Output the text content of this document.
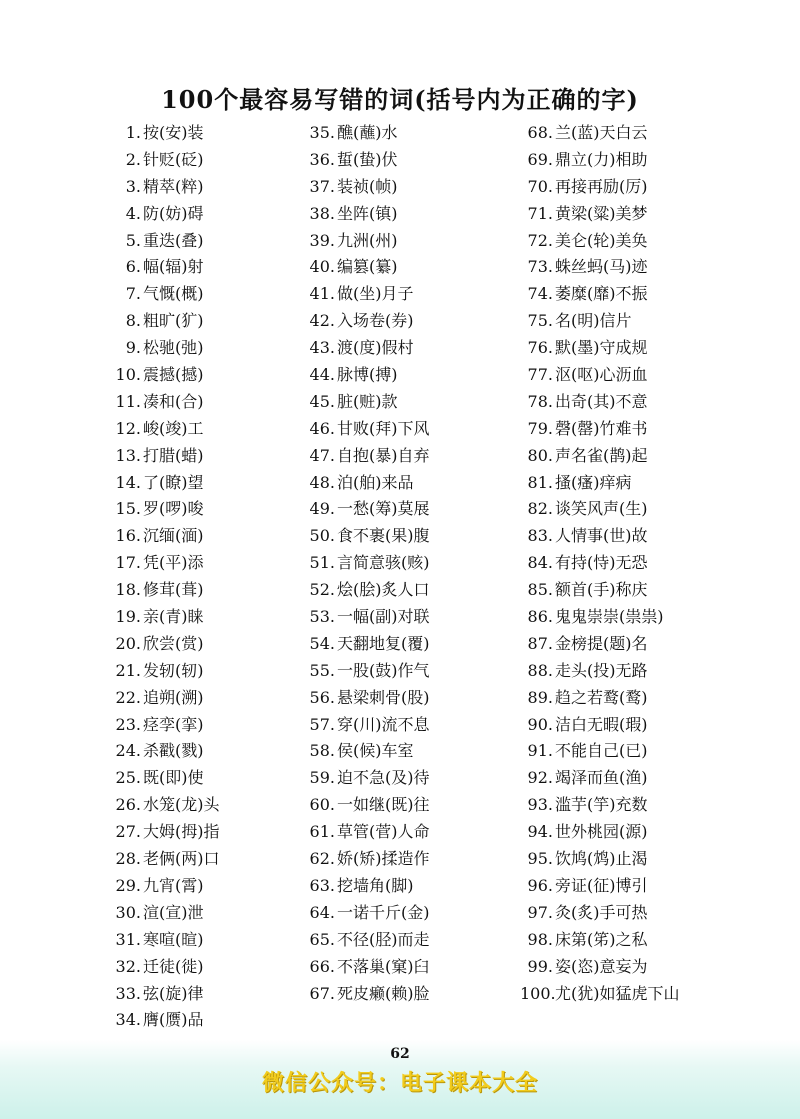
100个最容易写错的词(括号内为正确的字)
1. 按(安)装
2. 针贬(砭)
3. 精萃(粹)
4. 防(妨)碍
5. 重迭(叠)
6. 幅(辐)射
7. 气慨(概)
8. 粗旷(犷)
9. 松驰(弛)
10. 震撼(撼)
11. 凑和(合)
12. 峻(竣)工
13. 打腊(蜡)
14. 了(瞭)望
15. 罗(啰)唆
16. 沉缅(湎)
17. 凭(平)添
18. 修茸(葺)
19. 亲(青)睐
20. 欣尝(赏)
21. 发轫(轫)
22. 追朔(溯)
23. 痉孪(挛)
24. 杀戳(戮)
25. 既(即)使
26. 水笼(龙)头
27. 大姆(拇)指
28. 老俩(两)口
29. 九宵(霄)
30. 渲(宣)泄
31. 寒喧(暄)
32. 迁徒(徙)
33. 弦(旋)律
34. 膺(赝)品
35. 醮(蘸)水
36. 蜇(蛰)伏
37. 装祯(帧)
38. 坐阵(镇)
39. 九洲(州)
40. 编篡(纂)
41. 做(坐)月子
42. 入场卷(券)
43. 渡(度)假村
44. 脉博(搏)
45. 脏(赃)款
46. 甘败(拜)下风
47. 自抱(暴)自弃
48. 泊(舶)来品
49. 一愁(筹)莫展
50. 食不裹(果)腹
51. 言简意骇(赅)
52. 烩(脍)炙人口
53. 一幅(副)对联
54. 天翻地复(覆)
55. 一股(鼓)作气
56. 悬梁刺骨(股)
57. 穿(川)流不息
58. 侯(候)车室
59. 迫不急(及)待
60. 一如继(既)往
61. 草管(菅)人命
62. 娇(矫)揉造作
63. 挖墙角(脚)
64. 一诺千斤(金)
65. 不径(胫)而走
66. 不落巢(窠)臼
67. 死皮癞(赖)脸
68. 兰(蓝)天白云
69. 鼎立(力)相助
70. 再接再励(厉)
71. 黄梁(粱)美梦
72. 美仑(轮)美奂
73. 蛛丝蚂(马)迹
74. 萎糜(靡)不振
75. 名(明)信片
76. 默(墨)守成规
77. 沤(呕)心沥血
78. 出奇(其)不意
79. 磬(罄)竹难书
80. 声名雀(鹊)起
81. 搔(瘙)痒病
82. 谈笑风声(生)
83. 人情事(世)故
84. 有持(恃)无恐
85. 额首(手)称庆
86. 鬼鬼崇崇(祟祟)
87. 金榜提(题)名
88. 走头(投)无路
89. 趋之若鹜(鹜)
90. 洁白无暇(瑕)
91. 不能自己(已)
92. 竭泽而鱼(渔)
93. 滥芋(竽)充数
94. 世外桃园(源)
95. 饮鸠(鸩)止渴
96. 旁证(征)博引
97. 灸(炙)手可热
98. 床第(笫)之私
99. 姿(恣)意妄为
100.尤(犹)如猛虎下山
62
微信公众号：电子课本大全
